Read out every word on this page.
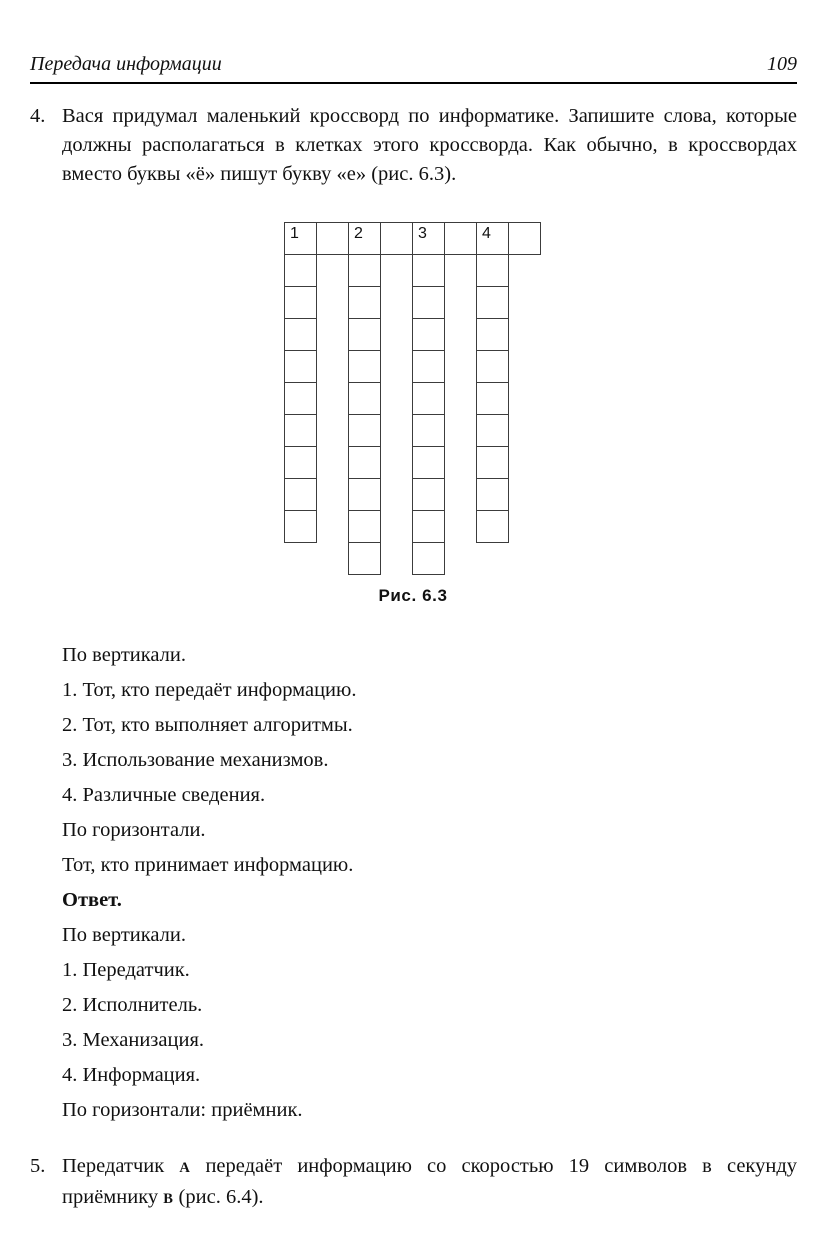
Передача информации	109
4. Вася придумал маленький кроссворд по информатике. Запишите слова, которые должны располагаться в клетках этого кроссворда. Как обычно, в кроссвордах вместо буквы «ё» пишут букву «е» (рис. 6.3).

1	2	3	4
Рис. 6.3

По вертикали.

1. Тот, кто передаёт информацию.

2. Тот, кто выполняет алгоритмы.

3. Использование механизмов.

4. Различные сведения.

По горизонтали.

Тот, кто принимает информацию.

Ответ.

По вертикали.

1. Передатчик.

2. Исполнитель.

3. Механизация.

4. Информация.

По горизонтали: приёмник.

5. Передатчик А передаёт информацию со скоростью 19 символов в секунду приёмнику В (рис. 6.4).
